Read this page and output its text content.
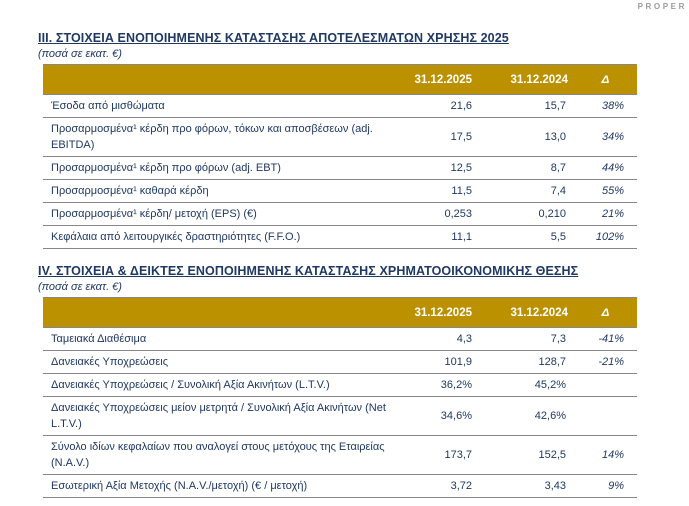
PROPER
III. ΣΤΟΙΧΕΙΑ ΕΝΟΠΟΙΗΜΕΝΗΣ ΚΑΤΑΣΤΑΣΗΣ ΑΠΟΤΕΛΕΣΜΑΤΩΝ ΧΡΗΣΗΣ 2025
(ποσά σε εκατ. €)
	31.12.2025	31.12.2024	Δ
Έσοδα από μισθώματα	21,6	15,7	38%
Προσαρμοσμένα¹ κέρδη προ φόρων, τόκων και αποσβέσεων (adj. EBITDA)	17,5	13,0	34%
Προσαρμοσμένα¹ κέρδη προ φόρων (adj. EBT)	12,5	8,7	44%
Προσαρμοσμένα¹ καθαρά κέρδη	11,5	7,4	55%
Προσαρμοσμένα¹ κέρδη/ μετοχή (EPS) (€)	0,253	0,210	21%
Κεφάλαια από λειτουργικές δραστηριότητες (F.F.O.)	11,1	5,5	102%
IV. ΣΤΟΙΧΕΙΑ & ΔΕΙΚΤΕΣ ΕΝΟΠΟΙΗΜΕΝΗΣ ΚΑΤΑΣΤΑΣΗΣ ΧΡΗΜΑΤΟΟΙΚΟΝΟΜΙΚΗΣ ΘΕΣΗΣ
(ποσά σε εκατ. €)
	31.12.2025	31.12.2024	Δ
Ταμειακά Διαθέσιμα	4,3	7,3	-41%
Δανειακές Υποχρεώσεις	101,9	128,7	-21%
Δανειακές Υποχρεώσεις / Συνολική Αξία Ακινήτων (L.T.V.)	36,2%	45,2%	
Δανειακές Υποχρεώσεις μείον μετρητά / Συνολική Αξία Ακινήτων (Net L.T.V.)	34,6%	42,6%	
Σύνολο ιδίων κεφαλαίων που αναλογεί στους μετόχους της Εταιρείας (N.A.V.)	173,7	152,5	14%
Εσωτερική Αξία Μετοχής (N.A.V./μετοχή) (€ / μετοχή)	3,72	3,43	9%
